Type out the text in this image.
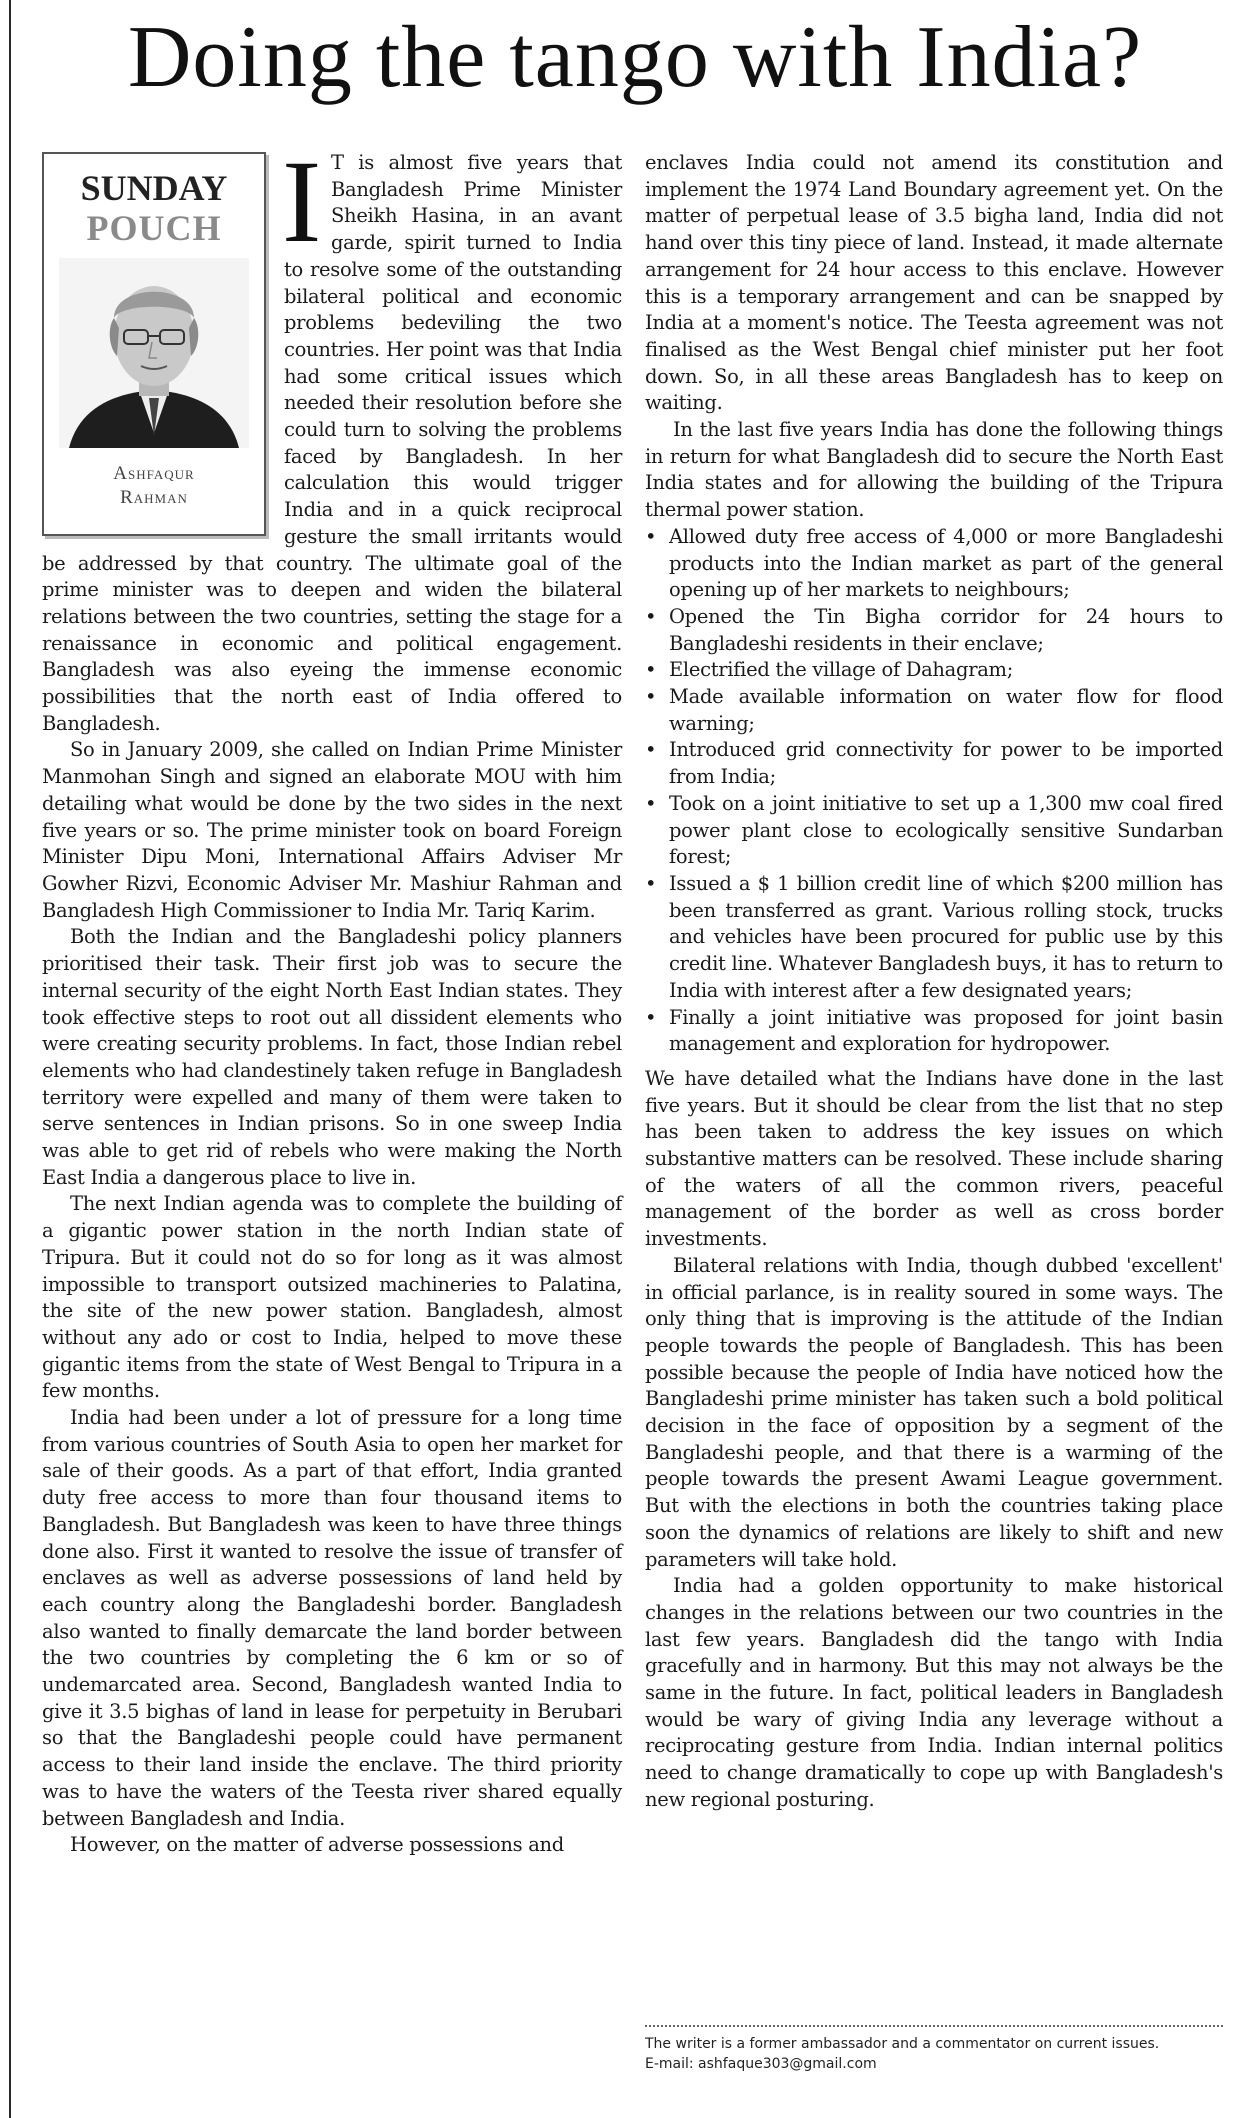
Doing the tango with India?
SUNDAY
POUCH
Ashfaqur
Rahman

I T is almost five years that Bangladesh Prime Minister Sheikh Hasina, in an avant garde, spirit turned to India to resolve some of the outstanding bilateral political and economic problems bedeviling the two countries. Her point was that India had some critical issues which needed their resolution before she could turn to solving the problems faced by Bangladesh. In her calculation this would trigger India and in a quick reciprocal gesture the small irritants would be addressed by that country. The ultimate goal of the prime minister was to deepen and widen the bilateral relations between the two countries, setting the stage for a renaissance in economic and political engagement. Bangladesh was also eyeing the immense economic possibilities that the north east of India offered to Bangladesh.

So in January 2009, she called on Indian Prime Minister Manmohan Singh and signed an elaborate MOU with him detailing what would be done by the two sides in the next five years or so. The prime minister took on board Foreign Minister Dipu Moni, International Affairs Adviser Mr Gowher Rizvi, Economic Adviser Mr. Mashiur Rahman and Bangladesh High Commissioner to India Mr. Tariq Karim.

Both the Indian and the Bangladeshi policy planners prioritised their task. Their first job was to secure the internal security of the eight North East Indian states. They took effective steps to root out all dissident elements who were creating security problems. In fact, those Indian rebel elements who had clandestinely taken refuge in Bangladesh territory were expelled and many of them were taken to serve sentences in Indian prisons. So in one sweep India was able to get rid of rebels who were making the North East India a dangerous place to live in.

The next Indian agenda was to complete the building of a gigantic power station in the north Indian state of Tripura. But it could not do so for long as it was almost impossible to transport outsized machineries to Palatina, the site of the new power station. Bangladesh, almost without any ado or cost to India, helped to move these gigantic items from the state of West Bengal to Tripura in a few months.

India had been under a lot of pressure for a long time from various countries of South Asia to open her market for sale of their goods. As a part of that effort, India granted duty free access to more than four thousand items to Bangladesh. But Bangladesh was keen to have three things done also. First it wanted to resolve the issue of transfer of enclaves as well as adverse possessions of land held by each country along the Bangladeshi border. Bangladesh also wanted to finally demarcate the land border between the two countries by completing the 6 km or so of undemarcated area. Second, Bangladesh wanted India to give it 3.5 bighas of land in lease for perpetuity in Berubari so that the Bangladeshi people could have permanent access to their land inside the enclave. The third priority was to have the waters of the Teesta river shared equally between Bangladesh and India.

However, on the matter of adverse possessions and

enclaves India could not amend its constitution and implement the 1974 Land Boundary agreement yet. On the matter of perpetual lease of 3.5 bigha land, India did not hand over this tiny piece of land. Instead, it made alternate arrangement for 24 hour access to this enclave. However this is a temporary arrangement and can be snapped by India at a moment's notice. The Teesta agreement was not finalised as the West Bengal chief minister put her foot down. So, in all these areas Bangladesh has to keep on waiting.

In the last five years India has done the following things in return for what Bangladesh did to secure the North East India states and for allowing the building of the Tripura thermal power station.

• Allowed duty free access of 4,000 or more Bangladeshi products into the Indian market as part of the general opening up of her markets to neighbours;
• Opened the Tin Bigha corridor for 24 hours to Bangladeshi residents in their enclave;
• Electrified the village of Dahagram;
• Made available information on water flow for flood warning;
• Introduced grid connectivity for power to be imported from India;
• Took on a joint initiative to set up a 1,300 mw coal fired power plant close to ecologically sensitive Sundarban forest;
• Issued a $ 1 billion credit line of which $200 million has been transferred as grant. Various rolling stock, trucks and vehicles have been procured for public use by this credit line. Whatever Bangladesh buys, it has to return to India with interest after a few designated years;
• Finally a joint initiative was proposed for joint basin management and exploration for hydropower.

We have detailed what the Indians have done in the last five years. But it should be clear from the list that no step has been taken to address the key issues on which substantive matters can be resolved. These include sharing of the waters of all the common rivers, peaceful management of the border as well as cross border investments.

Bilateral relations with India, though dubbed 'excellent' in official parlance, is in reality soured in some ways. The only thing that is improving is the attitude of the Indian people towards the people of Bangladesh. This has been possible because the people of India have noticed how the Bangladeshi prime minister has taken such a bold political decision in the face of opposition by a segment of the Bangladeshi people, and that there is a warming of the people towards the present Awami League government. But with the elections in both the countries taking place soon the dynamics of relations are likely to shift and new parameters will take hold.

India had a golden opportunity to make historical changes in the relations between our two countries in the last few years. Bangladesh did the tango with India gracefully and in harmony. But this may not always be the same in the future. In fact, political leaders in Bangladesh would be wary of giving India any leverage without a reciprocating gesture from India. Indian internal politics need to change dramatically to cope up with Bangladesh's new regional posturing.

The writer is a former ambassador and a commentator on current issues.
E-mail: ashfaque303@gmail.com
